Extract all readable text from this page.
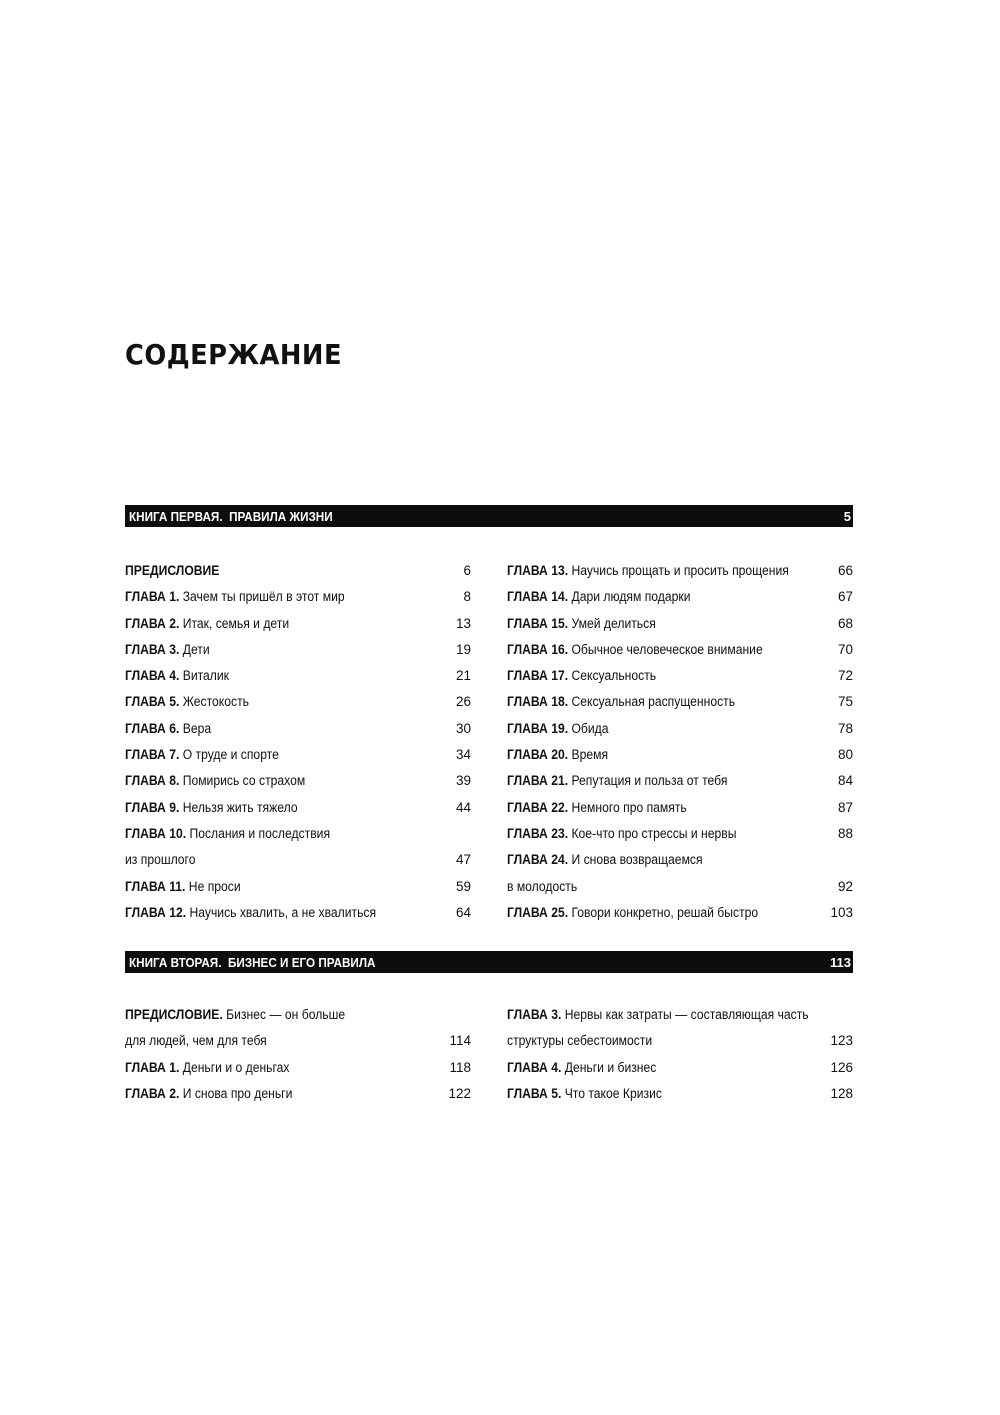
СОДЕРЖАНИЕ
КНИГА ПЕРВАЯ.  ПРАВИЛА ЖИЗНИ	5
ПРЕДИСЛОВИЕ	6
ГЛАВА 1. Зачем ты пришёл в этот мир	8
ГЛАВА 2. Итак, семья и дети	13
ГЛАВА 3. Дети	19
ГЛАВА 4. Виталик	21
ГЛАВА 5. Жестокость	26
ГЛАВА 6. Вера	30
ГЛАВА 7. О труде и спорте	34
ГЛАВА 8. Помирись со страхом	39
ГЛАВА 9. Нельзя жить тяжело	44
ГЛАВА 10. Послания и последствия
из прошлого	47
ГЛАВА 11. Не проси	59
ГЛАВА 12. Научись хвалить, а не хвалиться	64
ГЛАВА 13. Научись прощать и просить прощения	66
ГЛАВА 14. Дари людям подарки	67
ГЛАВА 15. Умей делиться	68
ГЛАВА 16. Обычное человеческое внимание	70
ГЛАВА 17. Сексуальность	72
ГЛАВА 18. Сексуальная распущенность	75
ГЛАВА 19. Обида	78
ГЛАВА 20. Время	80
ГЛАВА 21. Репутация и польза от тебя	84
ГЛАВА 22. Немного про память	87
ГЛАВА 23. Кое-что про стрессы и нервы	88
ГЛАВА 24. И снова возвращаемся
в молодость	92
ГЛАВА 25. Говори конкретно, решай быстро	103
КНИГА ВТОРАЯ.  БИЗНЕС И ЕГО ПРАВИЛА	113
ПРЕДИСЛОВИЕ. Бизнес — он больше
для людей, чем для тебя	114
ГЛАВА 1. Деньги и о деньгах	118
ГЛАВА 2. И снова про деньги	122
ГЛАВА 3. Нервы как затраты — составляющая часть
структуры себестоимости	123
ГЛАВА 4. Деньги и бизнес	126
ГЛАВА 5. Что такое Кризис	128
